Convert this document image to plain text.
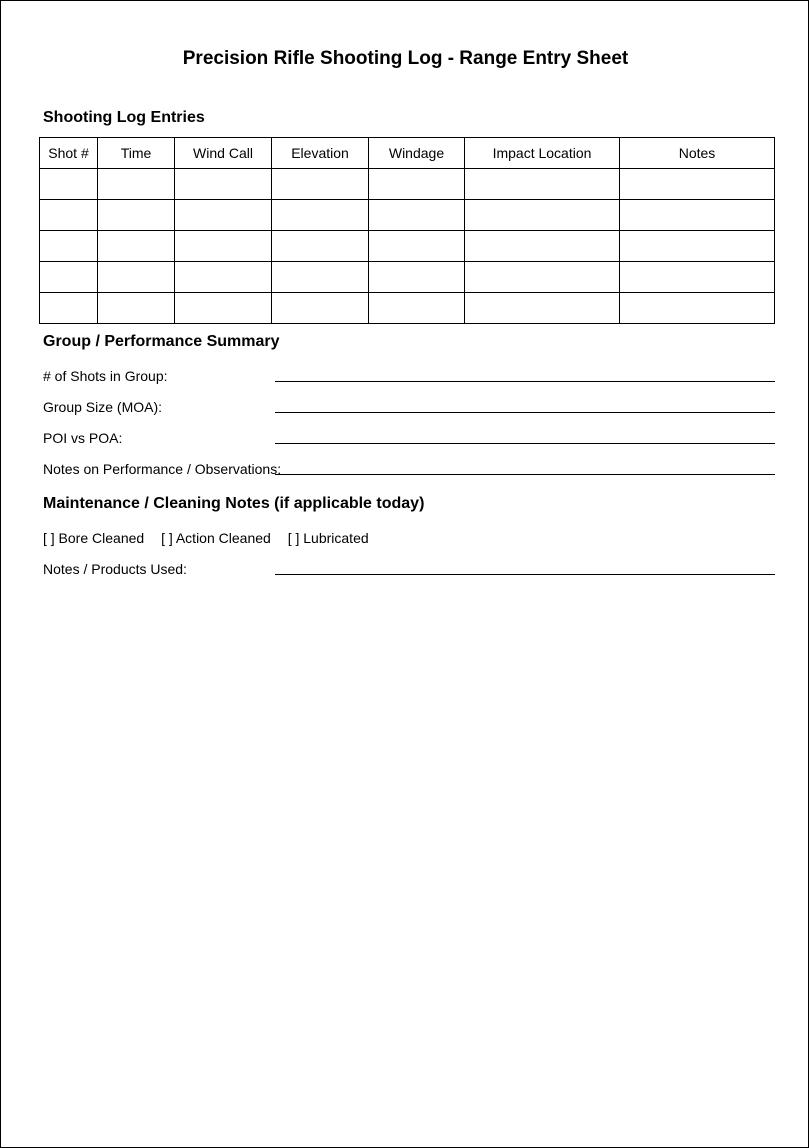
Precision Rifle Shooting Log - Range Entry Sheet
Shooting Log Entries
Shot #	Time	Wind Call	Elevation	Windage	Impact Location	Notes

Group / Performance Summary
# of Shots in Group:
Group Size (MOA):
POI vs POA:
Notes on Performance / Observations:
Maintenance / Cleaning Notes (if applicable today)
[ ] Bore Cleaned [ ] Action Cleaned [ ] Lubricated
Notes / Products Used:
